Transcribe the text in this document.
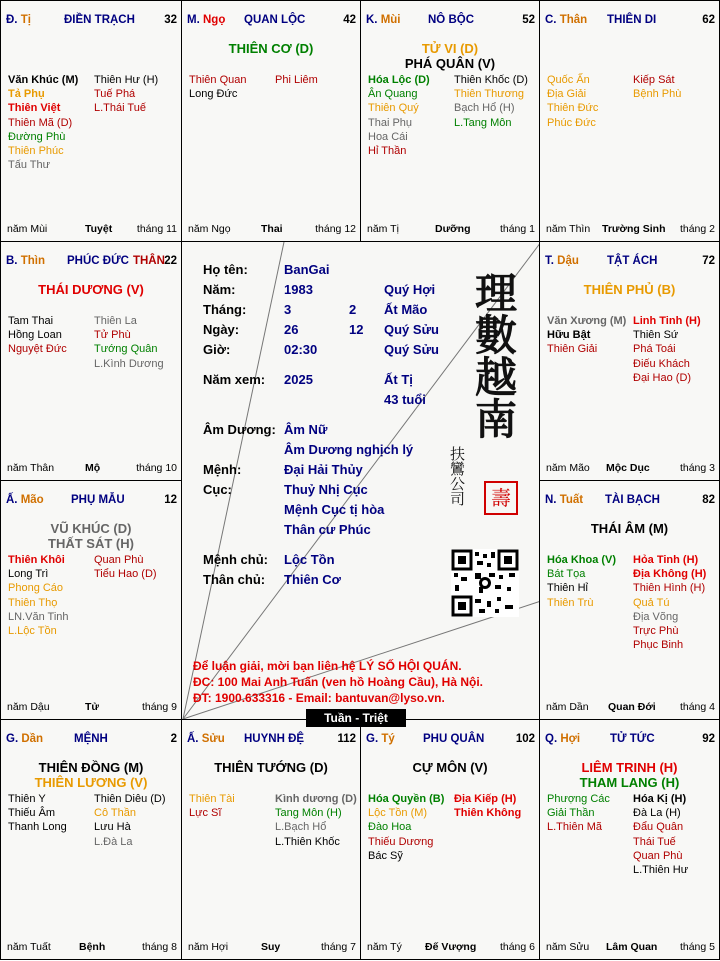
Đ. Tị	ĐIỀN TRẠCH	32
Văn Khúc (M)
Tả Phụ
Thiên Việt
Thiên Mã (D)
Đường Phù
Thiên Phúc
Tấu Thư
Thiên Hư (H)
Tuế Phá
L.Thái Tuế
năm Mùi	Tuyệt tháng 11
M. Ngọ QUAN LỘC	42
THIÊN CƠ (D)
Thiên Quan
Long Đức
Phi Liêm
năm Ngọ	Thai	tháng 12
K. Mùi NÔ BỘC	52
TỬ VI (D)
PHÁ QUÂN (V)
Hóa Lộc (D)
Ân Quang
Thiên Quý
Thai Phụ
Hoa Cái
Hỉ Thần
Thiên Khốc (D)
Thiên Thương
Bạch Hổ (H)
L.Tang Môn
năm Tị	Dưỡng	tháng 1
C. Thân THIÊN DI	62
Quốc Ấn
Địa Giải
Thiên Đức
Phúc Đức
Kiếp Sát
Bệnh Phù
năm Thìn Trường Sinh tháng 2
B. Thìn PHÚC ĐỨC THÂN 22
THÁI DƯƠNG (V)
Tam Thai
Hồng Loan
Nguyệt Đức
Thiên La
Tử Phù
Tướng Quân
L.Kình Dương
năm Thân	Mộ	tháng 10
T. Dậu TẬT ÁCH	72
THIÊN PHỦ (B)
Văn Xương (M)
Hữu Bật
Thiên Giải
Linh Tinh (H)
Thiên Sứ
Phá Toái
Điếu Khách
Đại Hao (D)
năm Mão Mộc Dục	tháng 3
Ấ. Mão PHỤ MẪU	12
VŨ KHÚC (D)
THẤT SÁT (H)
Thiên Khôi
Long Trì
Phong Cáo
Thiên Thọ
LN.Văn Tinh
L.Lộc Tồn
Quan Phù
Tiểu Hao (D)
năm Dậu	Tử	tháng 9
N. Tuất TÀI BẠCH	82
THÁI ÂM (M)
Hóa Khoa (V)
Bát Tọa
Thiên Hỉ
Thiên Trù
Hỏa Tinh (H)
Địa Không (H)
Thiên Hình (H)
Quả Tú
Địa Võng
Trực Phù
Phục Binh
năm Dần Quan Đới tháng 4
G. Dần	MỆNH	2
THIÊN ĐỒNG (M)
THIÊN LƯƠNG (V)
Thiên Y
Thiếu Âm
Thanh Long
Thiên Diêu (D)
Cô Thần
Lưu Hà
L.Đà La
năm Tuất	Bệnh	tháng 8
Ấ. Sửu HUYNH ĐỆ	112
THIÊN TƯỚNG (D)
Thiên Tài
Lực Sĩ
Kình dương (D)
Tang Môn (H)
L.Bạch Hổ
L.Thiên Khốc
năm Hợi	Suy	tháng 7
G. Tý PHU QUÂN	102
CỰ MÔN (V)
Hóa Quyền (B)
Lộc Tồn (M)
Đào Hoa
Thiếu Dương
Bác Sỹ
Địa Kiếp (H)
Thiên Không
năm Tý Đế Vượng tháng 6
Q. Hợi	TỬ TỨC	92
LIÊM TRINH (H)
THAM LANG (H)
Phượng Các
Giải Thần
L.Thiên Mã
Hóa Kị (H)
Đà La (H)
Đẩu Quân
Thái Tuế
Quan Phù
L.Thiên Hư
năm Sửu Lâm Quan tháng 5
Họ tên:	BanGai
Năm:	1983	Quý Hợi
Tháng:	3	2 Ất Mão
Ngày:	26	12 Quý Sửu
Giờ:	02:30	Quý Sửu
Năm xem: 2025	Ất Tị
43 tuổi
Âm Dương: Âm Nữ
Âm Dương nghịch lý
Mệnh:	Đại Hải Thủy
Cục:	Thuỷ Nhị Cục
Mệnh Cục tị hòa
Thân cư Phúc
Mệnh chủ: Lộc Tồn
Thân chủ: Thiên Cơ
理數越南
扶鸞公司	壽
Để luận giải, mời bạn liên hệ LÝ SỐ HỘI QUÁN.
ĐC: 100 Mai Anh Tuấn (ven hồ Hoàng Cầu), Hà Nội.
ĐT: 1900.633316 - Email: bantuvan@lyso.vn.
Tuần - Triệt
